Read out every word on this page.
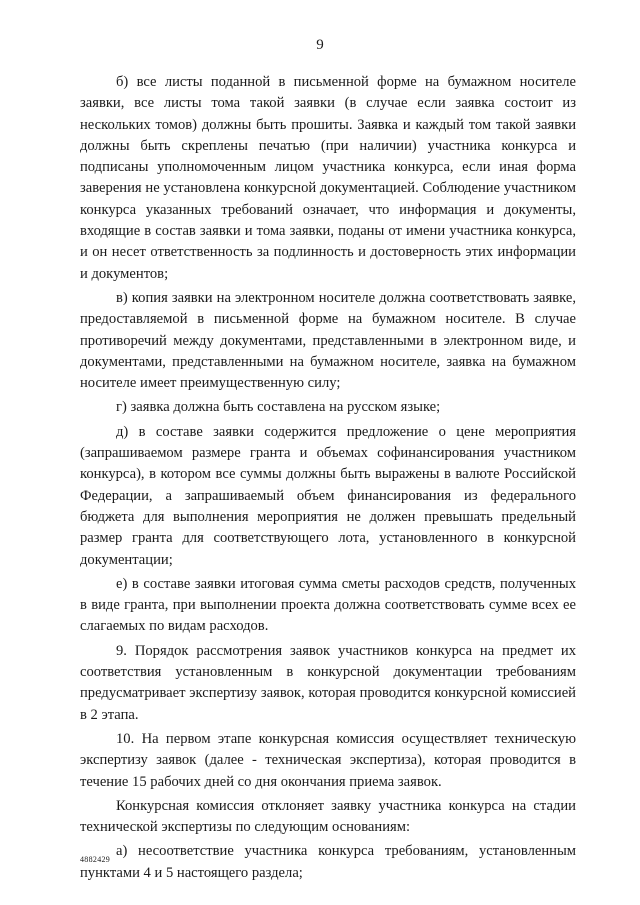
9

б) все листы поданной в письменной форме на бумажном носителе заявки, все листы тома такой заявки (в случае если заявка состоит из нескольких томов) должны быть прошиты. Заявка и каждый том такой заявки должны быть скреплены печатью (при наличии) участника конкурса и подписаны уполномоченным лицом участника конкурса, если иная форма заверения не установлена конкурсной документацией. Соблюдение участником конкурса указанных требований означает, что информация и документы, входящие в состав заявки и тома заявки, поданы от имени участника конкурса, и он несет ответственность за подлинность и достоверность этих информации и документов;

в) копия заявки на электронном носителе должна соответствовать заявке, предоставляемой в письменной форме на бумажном носителе. В случае противоречий между документами, представленными в электронном виде, и документами, представленными на бумажном носителе, заявка на бумажном носителе имеет преимущественную силу;

г) заявка должна быть составлена на русском языке;

д) в составе заявки содержится предложение о цене мероприятия (запрашиваемом размере гранта и объемах софинансирования участником конкурса), в котором все суммы должны быть выражены в валюте Российской Федерации, а запрашиваемый объем финансирования из федерального бюджета для выполнения мероприятия не должен превышать предельный размер гранта для соответствующего лота, установленного в конкурсной документации;

е) в составе заявки итоговая сумма сметы расходов средств, полученных в виде гранта, при выполнении проекта должна соответствовать сумме всех ее слагаемых по видам расходов.

9. Порядок рассмотрения заявок участников конкурса на предмет их соответствия установленным в конкурсной документации требованиям предусматривает экспертизу заявок, которая проводится конкурсной комиссией в 2 этапа.

10. На первом этапе конкурсная комиссия осуществляет техническую экспертизу заявок (далее - техническая экспертиза), которая проводится в течение 15 рабочих дней со дня окончания приема заявок.

Конкурсная комиссия отклоняет заявку участника конкурса на стадии технической экспертизы по следующим основаниям:

а) несоответствие участника конкурса требованиям, установленным пунктами 4 и 5 настоящего раздела;

4882429
